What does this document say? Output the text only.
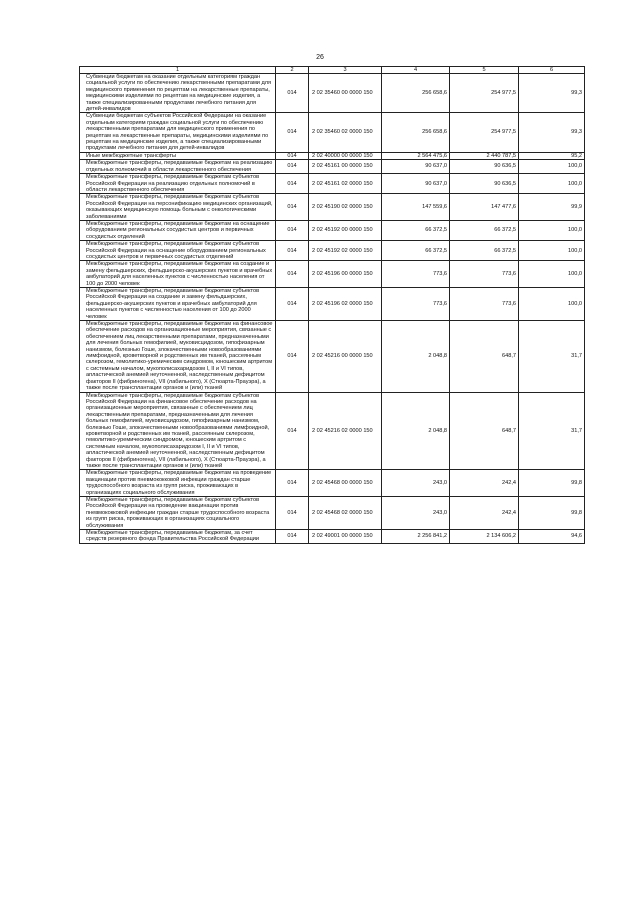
26
1	2	3	4	5	6
Субвенции бюджетам на оказание отдельным категориям граждан социальной услуги по обеспечению лекарственными препаратами для медицинского применения по рецептам на лекарственные препараты, медицинскими изделиями по рецептам на медицинские изделия, а также специализированными продуктами лечебного питания для детей-инвалидов	014	2 02 35460 00 0000 150	256 658,6	254 977,5	99,3
Субвенции бюджетам субъектов Российской Федерации на оказание отдельным категориям граждан социальной услуги по обеспечению лекарственными препаратами для медицинского применения по рецептам на лекарственные препараты, медицинскими изделиями по рецептам на медицинские изделия, а также специализированными продуктами лечебного питания для детей-инвалидов	014	2 02 35460 02 0000 150	256 658,6	254 977,5	99,3
Иные межбюджетные трансферты	014	2 02 40000 00 0000 150	2 564 475,6	2 440 787,5	95,2
Межбюджетные трансферты, передаваемые бюджетам на реализацию отдельных полномочий в области лекарственного обеспечения	014	2 02 45161 00 0000 150	90 637,0	90 636,5	100,0
Межбюджетные трансферты, передаваемые бюджетам субъектов Российской Федерации на реализацию отдельных полномочий в области лекарственного обеспечения	014	2 02 45161 02 0000 150	90 637,0	90 636,5	100,0
Межбюджетные трансферты, передаваемые бюджетам субъектов Российской Федерации на персонификацию медицинских организаций, оказывающих медицинскую помощь больным с онкологическими заболеваниями	014	2 02 45190 02 0000 150	147 559,6	147 477,6	99,9
Межбюджетные трансферты, передаваемые бюджетам на оснащение оборудованием региональных сосудистых центров и первичных сосудистых отделений	014	2 02 45192 00 0000 150	66 372,5	66 372,5	100,0
Межбюджетные трансферты, передаваемые бюджетам субъектов Российской Федерации на оснащение оборудованием региональных сосудистых центров и первичных сосудистых отделений	014	2 02 45192 02 0000 150	66 372,5	66 372,5	100,0
Межбюджетные трансферты, передаваемые бюджетам на создание и замену фельдшерских, фельдшерско-акушерских пунктов и врачебных амбулаторий для населенных пунктов с численностью населения от 100 до 2000 человек	014	2 02 45196 00 0000 150	773,6	773,6	100,0
Межбюджетные трансферты, передаваемые бюджетам субъектов Российской Федерации на создание и замену фельдшерских, фельдшерско-акушерских пунктов и врачебных амбулаторий для населенных пунктов с численностью населения от 100 до 2000 человек	014	2 02 45196 02 0000 150	773,6	773,6	100,0
Межбюджетные трансферты, передаваемые бюджетам на финансовое обеспечение расходов на организационные мероприятия, связанные с обеспечением лиц лекарственными препаратами, предназначенными для лечения больных гемофилией, муковисцидозом, гипофизарным нанизмом, болезнью Гоше, злокачественными новообразованиями лимфоидной, кроветворной и родственных им тканей, рассеянным склерозом, гемолитико-уремическим синдромом, юношеским артритом с системным началом, мукополисахаридозом I, II и VI типов, апластической анемией неуточненной, наследственным дефицитом факторов II (фибриногена), VII (лабильного), X (Стюарта-Прауэра), а также после трансплантации органов и (или) тканей	014	2 02 45216 00 0000 150	2 048,8	648,7	31,7
Межбюджетные трансферты, передаваемые бюджетам субъектов Российской Федерации на финансовое обеспечение расходов на организационные мероприятия, связанные с обеспечением лиц лекарственными препаратами, предназначенными для лечения больных гемофилией, муковисцидозом, гипофизарным нанизмом, болезнью Гоше, злокачественными новообразованиями лимфоидной, кроветворной и родственных им тканей, рассеянным склерозом, гемолитико-уремическим синдромом, юношеским артритом с системным началом, мукополисахаридозом I, II и VI типов, апластической анемией неуточненной, наследственным дефицитом факторов II (фибриногена), VII (лабильного), X (Стюарта-Прауэра), а также после трансплантации органов и (или) тканей	014	2 02 45216 02 0000 150	2 048,8	648,7	31,7
Межбюджетные трансферты, передаваемые бюджетам на проведение вакцинации против пневмококковой инфекции граждан старше трудоспособного возраста из групп риска, проживающих в организациях социального обслуживания	014	2 02 45468 00 0000 150	243,0	242,4	99,8
Межбюджетные трансферты, передаваемые бюджетам субъектов Российской Федерации на проведение вакцинации против пневмококковой инфекции граждан старше трудоспособного возраста из групп риска, проживающих в организациях социального обслуживания	014	2 02 45468 02 0000 150	243,0	242,4	99,8
Межбюджетные трансферты, передаваемые бюджетам, за счет средств резервного фонда Правительства Российской Федерации	014	2 02 49001 00 0000 150	2 256 841,2	2 134 606,2	94,6
